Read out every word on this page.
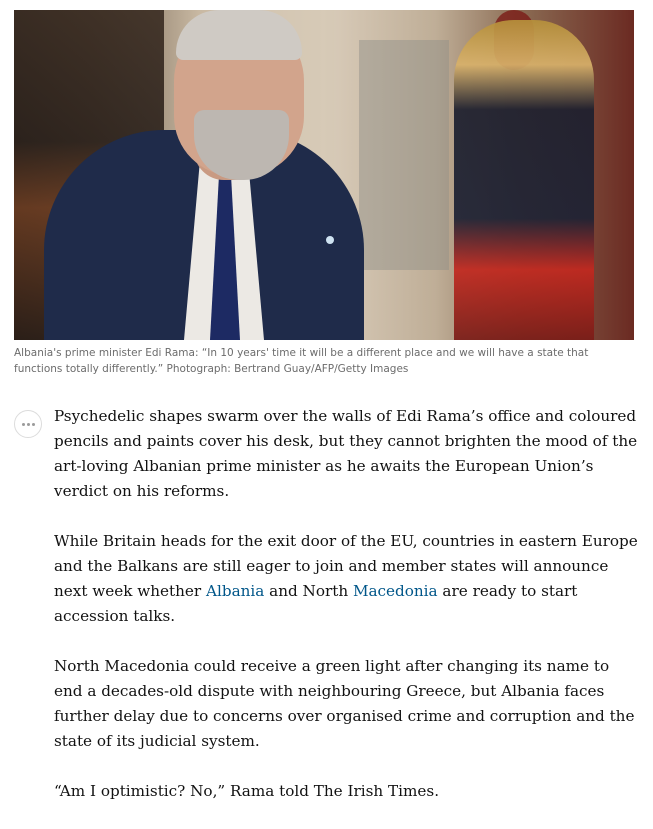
Albania's prime minister Edi Rama: “In 10 years' time it will be a different place and we will have a state that functions totally differently.” Photograph: Bertrand Guay/AFP/Getty Images

Psychedelic shapes swarm over the walls of Edi Rama’s office and coloured pencils and paints cover his desk, but they cannot brighten the mood of the art-loving Albanian prime minister as he awaits the European Union’s verdict on his reforms.

While Britain heads for the exit door of the EU, countries in eastern Europe and the Balkans are still eager to join and member states will announce next week whether Albania and North Macedonia are ready to start accession talks.

North Macedonia could receive a green light after changing its name to end a decades-old dispute with neighbouring Greece, but Albania faces further delay due to concerns over organised crime and corruption and the state of its judicial system.

“Am I optimistic? No,” Rama told The Irish Times.
